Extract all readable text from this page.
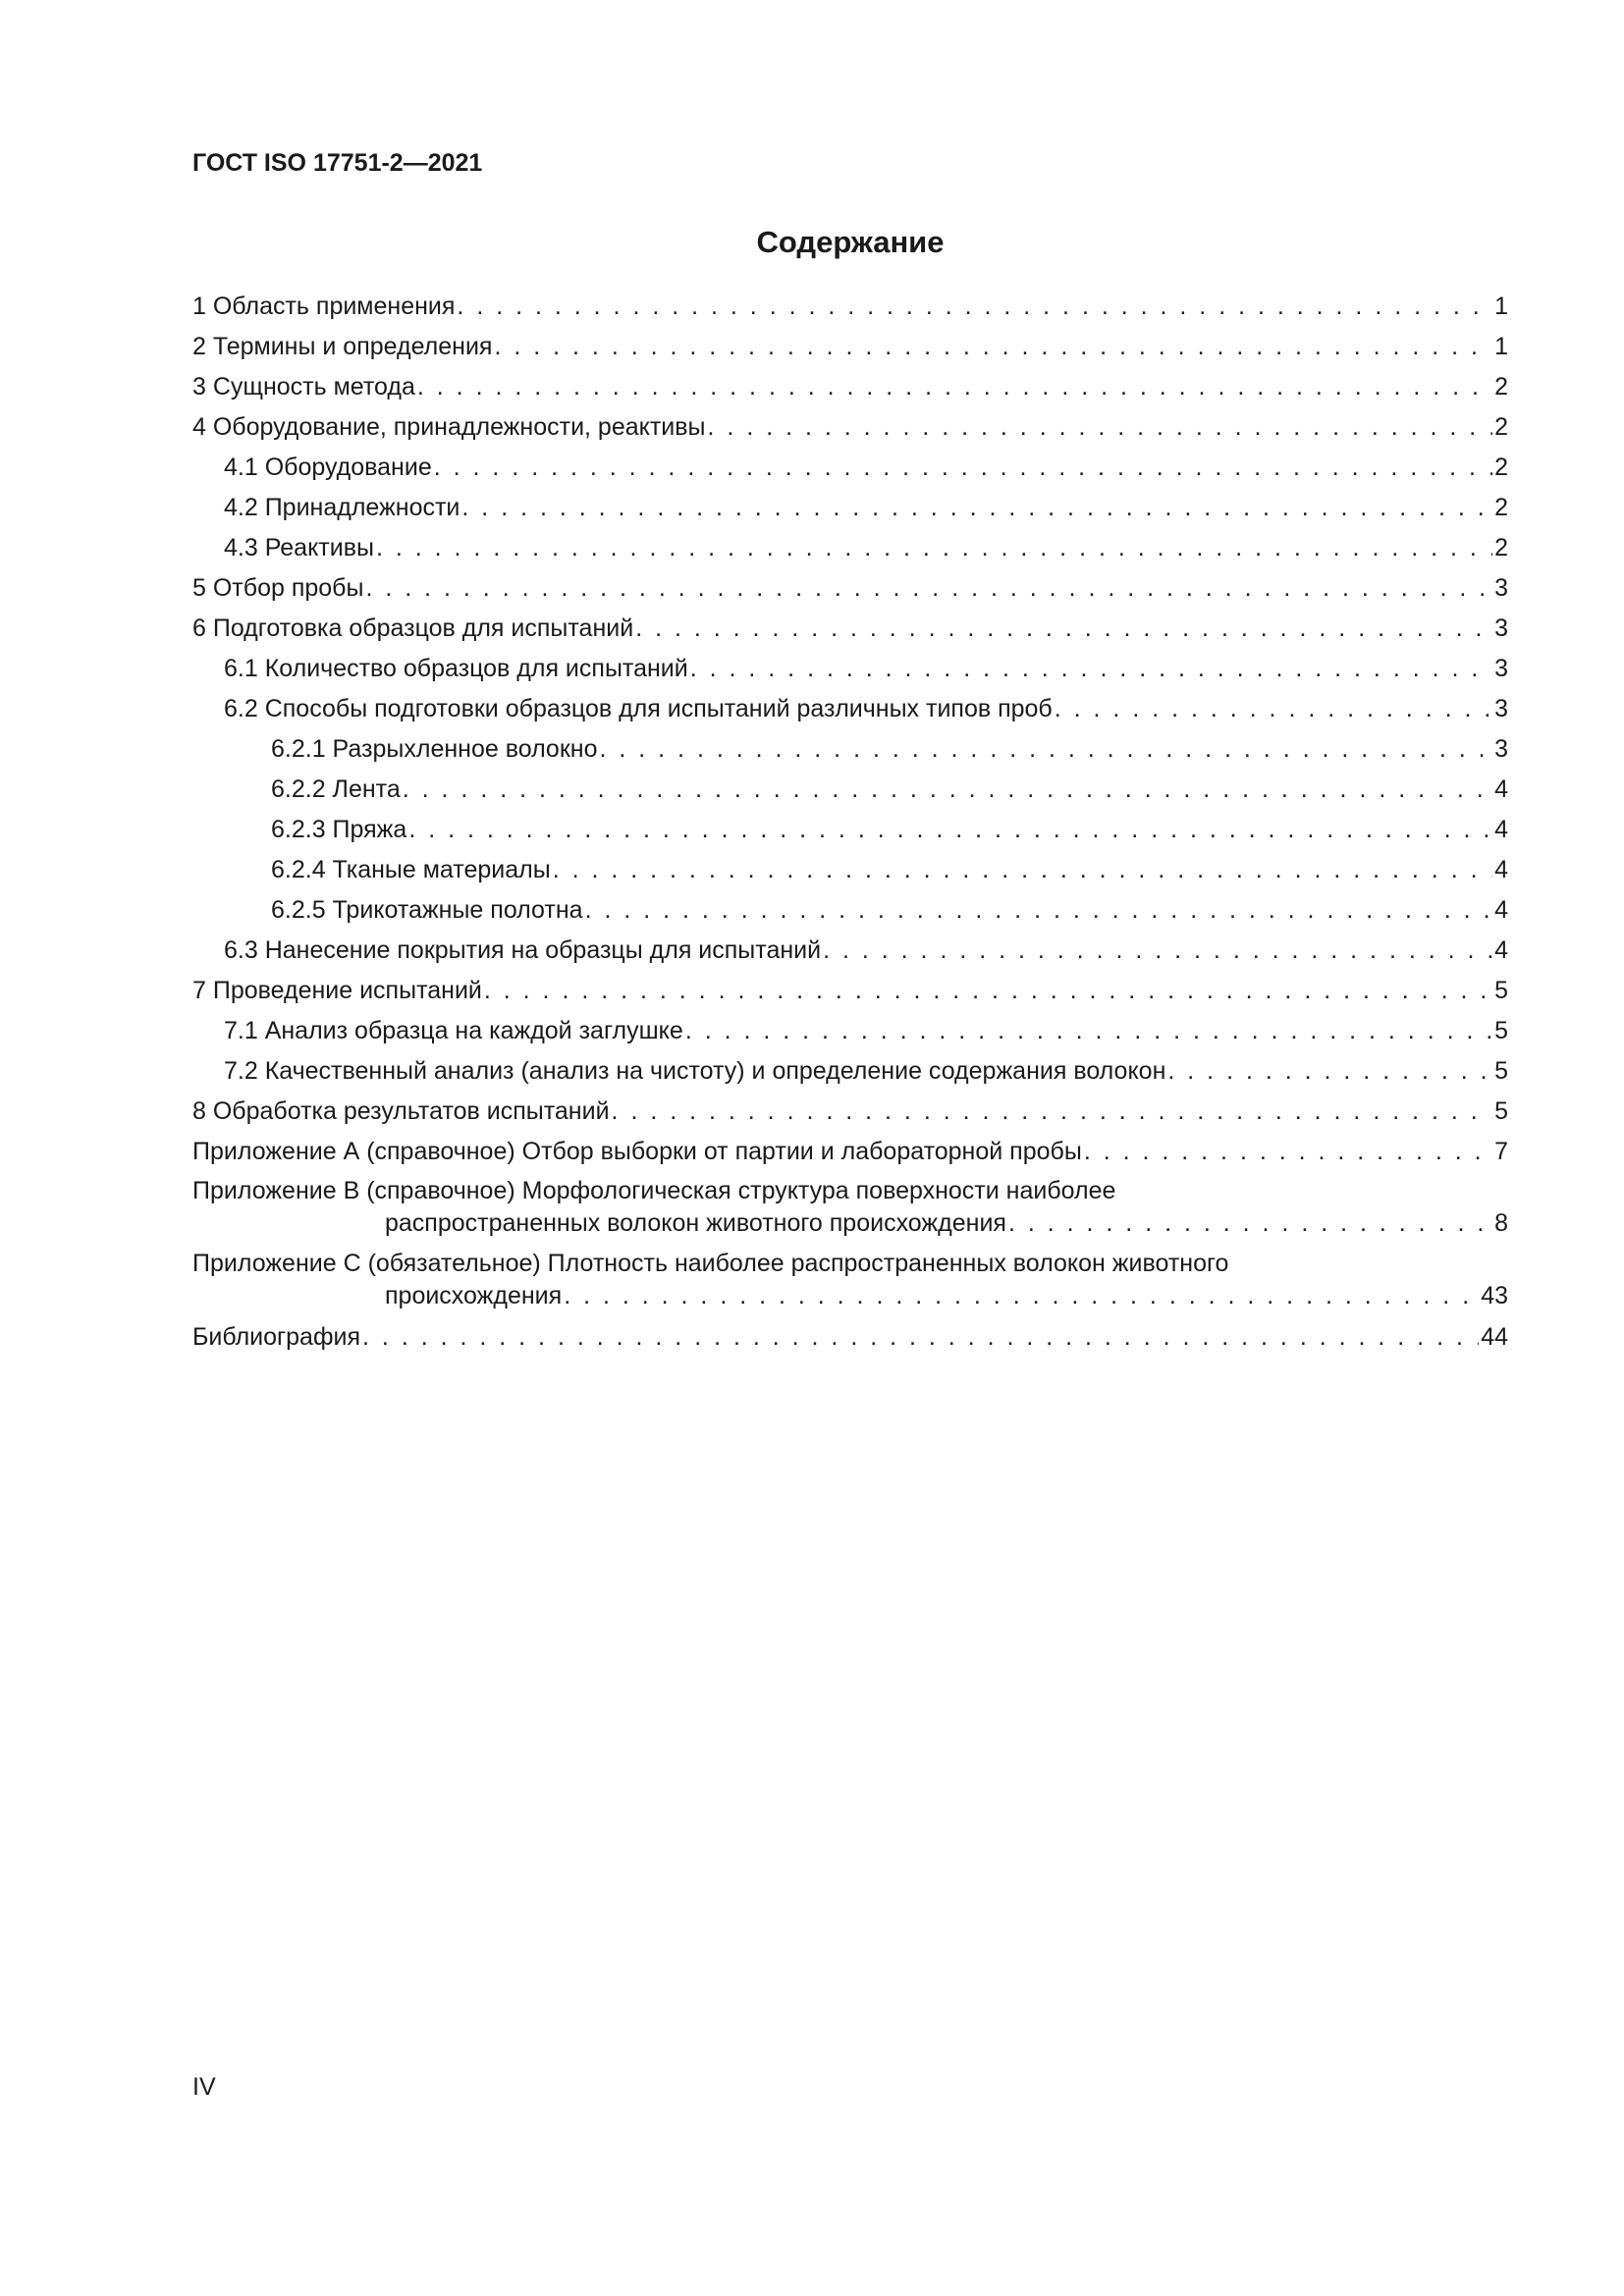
ГОСТ ISO 17751-2—2021
Содержание
1 Область применения . . .	1
2 Термины и определения . . .	1
3 Сущность метода . . .	2
4 Оборудование, принадлежности, реактивы . . .	2
4.1 Оборудование . . .	2
4.2 Принадлежности . . .	2
4.3 Реактивы . . .	2
5 Отбор пробы . . .	3
6 Подготовка образцов для испытаний . . .	3
6.1 Количество образцов для испытаний . . .	3
6.2 Способы подготовки образцов для испытаний различных типов проб . . .	3
6.2.1 Разрыхленное волокно . . .	3
6.2.2 Лента . . .	4
6.2.3 Пряжа . . .	4
6.2.4 Тканые материалы . . .	4
6.2.5 Трикотажные полотна . . .	4
6.3 Нанесение покрытия на образцы для испытаний . . .	4
7 Проведение испытаний . . .	5
7.1 Анализ образца на каждой заглушке . . .	5
7.2 Качественный анализ (анализ на чистоту) и определение содержания волокон . . .	5
8 Обработка результатов испытаний . . .	5
Приложение А (справочное) Отбор выборки от партии и лабораторной пробы . . .	7
Приложение В (справочное) Морфологическая структура поверхности наиболее
распространенных волокон животного происхождения . . .	8
Приложение С (обязательное) Плотность наиболее распространенных волокон животного
происхождения . . .	43
Библиография . . .	44
IV
